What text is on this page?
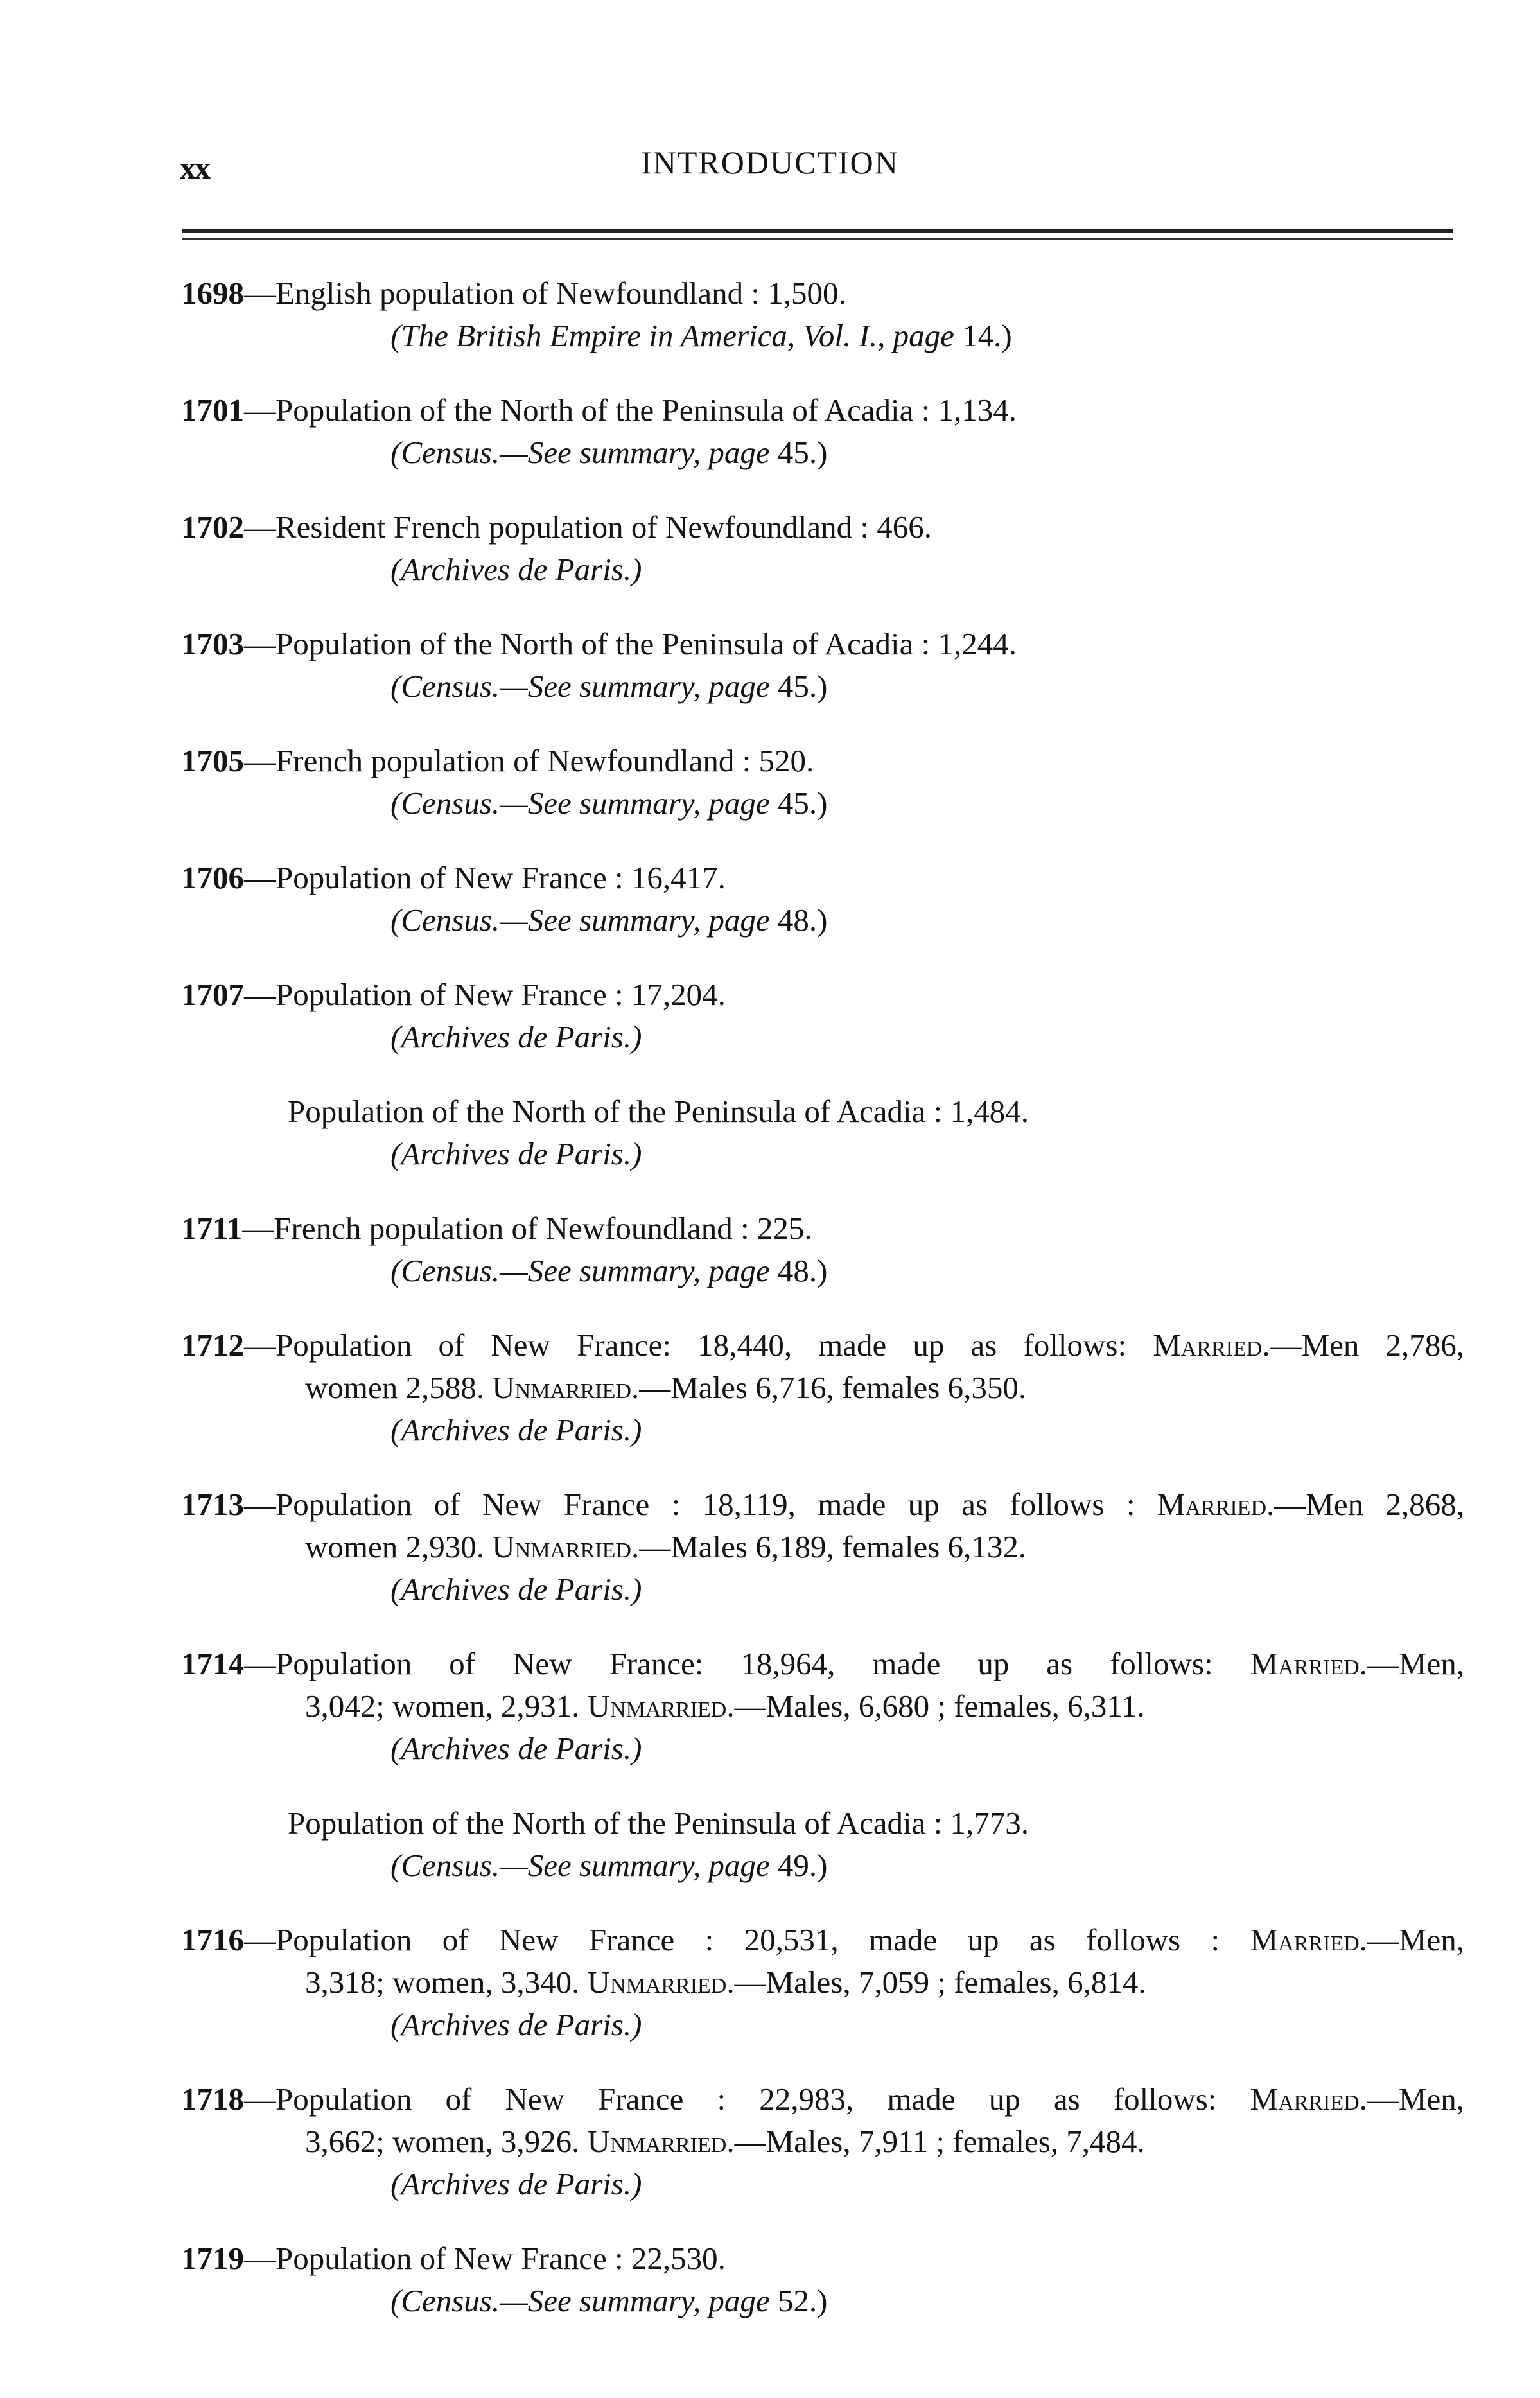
xx	INTRODUCTION
1698—English population of Newfoundland : 1,500.
(The British Empire in America, Vol. I., page 14.)
1701—Population of the North of the Peninsula of Acadia : 1,134.
(Census.—See summary, page 45.)
1702—Resident French population of Newfoundland : 466.
(Archives de Paris.)
1703—Population of the North of the Peninsula of Acadia : 1,244.
(Census.—See summary, page 45.)
1705—French population of Newfoundland : 520.
(Census.—See summary, page 45.)
1706—Population of New France : 16,417.
(Census.—See summary, page 48.)
1707—Population of New France : 17,204.
(Archives de Paris.)
Population of the North of the Peninsula of Acadia : 1,484.
(Archives de Paris.)
1711—French population of Newfoundland : 225.
(Census.—See summary, page 48.)
1712—Population of New France: 18,440, made up as follows: Married.—Men 2,786,
women 2,588. Unmarried.—Males 6,716, females 6,350.
(Archives de Paris.)
1713—Population of New France : 18,119, made up as follows : Married.—Men 2,868,
women 2,930. Unmarried.—Males 6,189, females 6,132.
(Archives de Paris.)
1714—Population of New France: 18,964, made up as follows: Married.—Men,
3,042; women, 2,931. Unmarried.—Males, 6,680 ; females, 6,311.
(Archives de Paris.)
Population of the North of the Peninsula of Acadia : 1,773.
(Census.—See summary, page 49.)
1716—Population of New France : 20,531, made up as follows : Married.—Men,
3,318; women, 3,340. Unmarried.—Males, 7,059 ; females, 6,814.
(Archives de Paris.)
1718—Population of New France : 22,983, made up as follows: Married.—Men,
3,662; women, 3,926. Unmarried.—Males, 7,911 ; females, 7,484.
(Archives de Paris.)
1719—Population of New France : 22,530.
(Census.—See summary, page 52.)
